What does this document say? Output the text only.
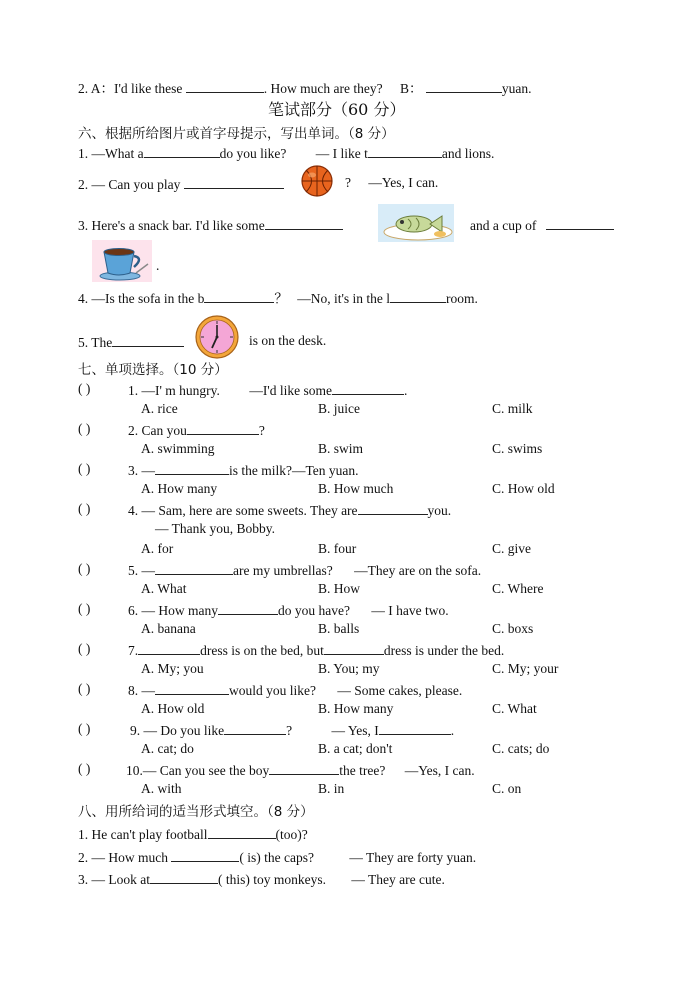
2. A：I'd like these	. How much are they? B：	yuan.
笔试部分（60 分）
六、根据所给图片或首字母提示，写出单词。（8 分）
1. —What a	do you like? — I like t	and lions.
2. — Can you play	? —Yes, I can.
3. Here's a snack bar. I'd like some	and a cup of
.
4. —Is the sofa in the b	？ —No, it's in the l	room.
5. The	is on the desk.
七、单项选择。（10 分）
( )	1. —I' m hungry. —I'd like some	.
A. rice	B. juice	C. milk
( )	2. Can you	?
A. swimming	B. swim	C. swims
( )	3. —	is the milk?—Ten yuan.
A. How many	B. How much	C. How old
( )	4. — Sam, here are some sweets. They are	you.
— Thank you, Bobby.
A. for	B. four	C. give
( )	5. —	are my umbrellas? —They are on the sofa.
A. What	B. How	C. Where
( )	6. — How many	do you have? — I have two.
A. banana	B. balls	C. boxs
( )	7.	dress is on the bed, but	dress is under the bed.
A. My; you	B. You; my	C. My; your
( )	8. —	would you like? — Some cakes, please.
A. How old	B. How many	C. What
( )	9. — Do you like	?	— Yes, I	.
A. cat; do	B. a cat; don't	C. cats; do
( )	10.— Can you see the boy	the tree? —Yes, I can.
A. with	B. in	C. on
八、用所给词的适当形式填空。（8 分）
1. He can't play football	(too)?
2. — How much	( is) the caps?	— They are forty yuan.
3. — Look at	( this) toy monkeys. — They are cute.
